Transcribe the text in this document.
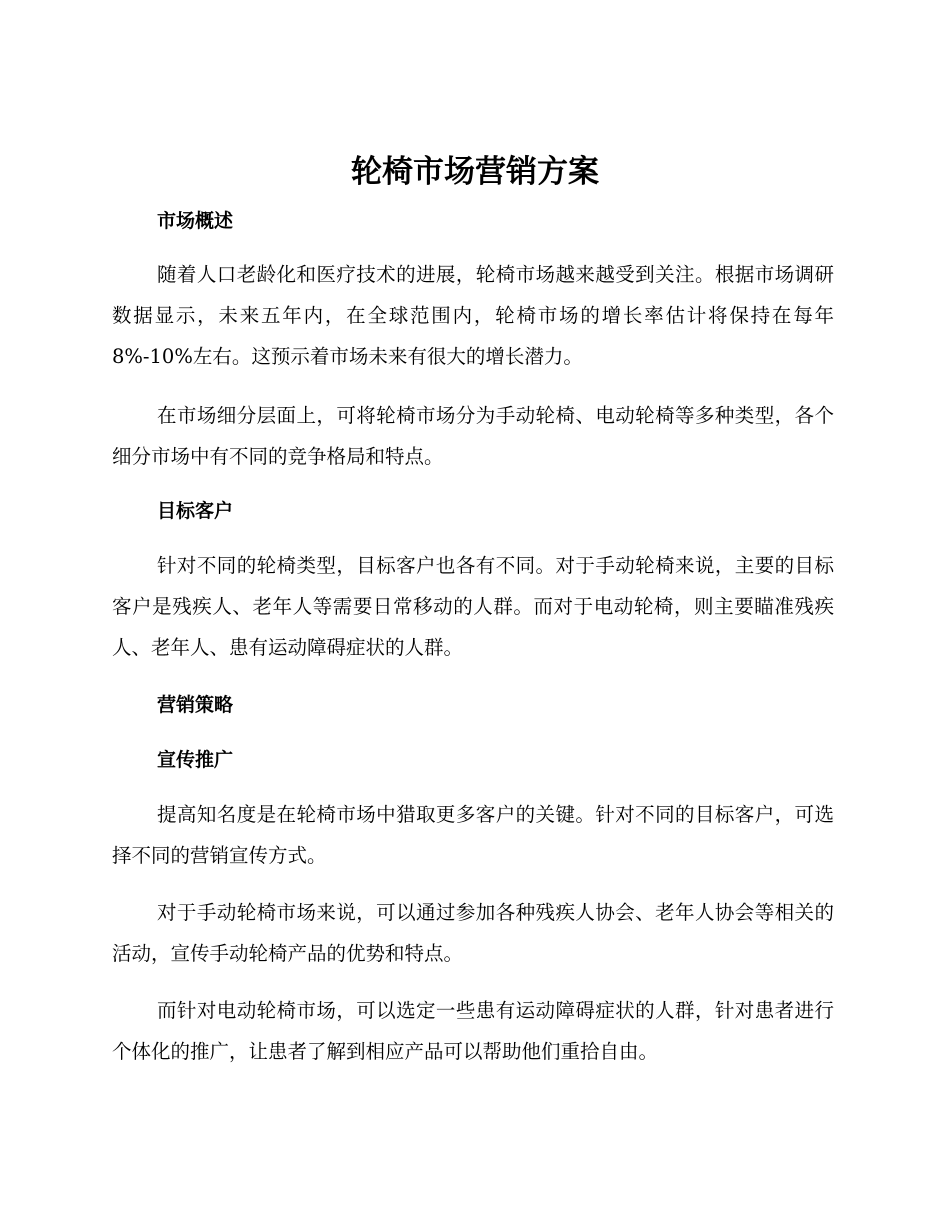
轮椅市场营销方案
市场概述

随着人口老龄化和医疗技术的进展，轮椅市场越来越受到关注。根据市场调研数据显示，未来五年内，在全球范围内，轮椅市场的增长率估计将保持在每年 8%-10%左右。这预示着市场未来有很大的增长潜力。

在市场细分层面上，可将轮椅市场分为手动轮椅、电动轮椅等多种类型，各个细分市场中有不同的竞争格局和特点。

目标客户

针对不同的轮椅类型，目标客户也各有不同。对于手动轮椅来说，主要的目标客户是残疾人、老年人等需要日常移动的人群。而对于电动轮椅，则主要瞄准残疾人、老年人、患有运动障碍症状的人群。

营销策略
宣传推广

提高知名度是在轮椅市场中猎取更多客户的关键。针对不同的目标客户，可选择不同的营销宣传方式。

对于手动轮椅市场来说，可以通过参加各种残疾人协会、老年人协会等相关的活动，宣传手动轮椅产品的优势和特点。

而针对电动轮椅市场，可以选定一些患有运动障碍症状的人群，针对患者进行个体化的推广，让患者了解到相应产品可以帮助他们重拾自由。
